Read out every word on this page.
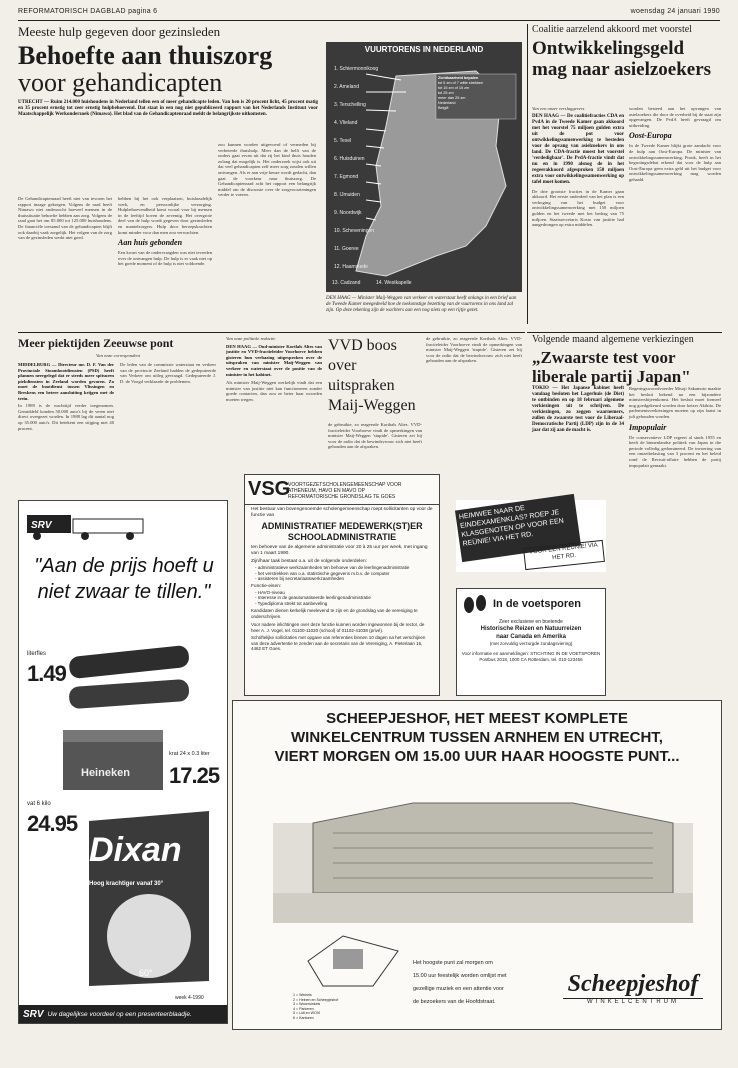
REFORMATORISCH DAGBLAD pagina 6	woensdag 24 januari 1990
Meeste hulp gegeven door gezinsleden
Behoefte aan thuiszorg
voor gehandicapten
UTRECHT — Ruim 214.000 huishoudens in Nederland tellen een of meer gehandicapte leden. Van hen is 20 procent licht, 45 procent matig en 35 procent ernstig tot zeer ernstig hulpbehoevend. Dat staat in een nog niet gepubliceerd rapport van het Nederlands Instituut voor Maatschappelijk Werkonderzoek (Nimawo). Het blad van de Gehandicaptenraad meldt de belangrijkste uitkomsten.
De Gehandicaptenraad heeft niet van tevoren het rapport inzage gekregen. Volgens de raad heeft Nimawo niet onderzocht hoeveel mensen in de thuissituatie behoefte hebben aan zorg. Volgens de raad gaat het om 85.000 tot 125.000 huishoudens. De financiële toestand van de gehandicapten blijft ook daarbij vaak zorgelijk. Het volgen van de zorg van de gezinsleden werkt niet goed.
hebben bij het ook verplaatsen, huishoudelijk werk, en persoonlijke verzorging. Hulpbehoevendheid komt vooral voor bij mensen in de leeftijd boven de zeventig. Het overgrote deel van de hulp wordt gegeven door gezinsleden en mantelzorgers. Hulp door beroepskrachten komt minder voor dan men zou verwachten.
Aan huis gebonden
Een kwart van de ondervraagden was niet tevreden over de ontvangen hulp. De hulp is er vaak niet op het goede moment of de hulp is niet voldoende.
zou kunnen worden uitgevoerd of vermeden bij verbeterde thuishulp. Meer dan de helft van de ouders gaat ervan uit dat zij het kind thuis houden zolang dat mogelijk is. Het onderzoek wijst ook uit dat veel gehandicapten zelf meer zorg zouden willen ontvangen. Als er aan vrije keuze wordt gedacht, dan gaat de voorkeur naar thuiszorg. De Gehandicaptenraad acht het rapport een belangrijk middel om de discussie over de zorgvoorzieningen verder te voeren.
VUURTORENS IN NEDERLAND
1. Schiermonnikoog
2. Ameland
3. Terschelling
4. Vlieland
5. Texel
6. Huisduinen
7. Egmond
8. IJmuiden
9. Noordwijk
10. Scheveningen
11. Goeree
12. Haamstede
13. Cadzand	14. Westkapelle
Zichtbaarheid bepalen
tot 5 zm of 7 witte strekken
tot 15 zm of 15 zm
tot 25 zm
meer dan 25 zm
Nederland
België
DEN HAAG — Minister Maij-Weggen van verkeer en waterstaat heeft onlangs in een brief aan de Tweede Kamer meegedeeld hoe de toekomstige bezetting van de vuurtorens in ons land zal zijn. Op deze tekening zijn de wachters aan een nog niets op een rijtje gezet.
Coalitie aarzelend akkoord met voorstel
Ontwikkelingsgeld mag naar asielzoekers
Van een onzer verslaggevers
DEN HAAG — De coalitiefracties CDA en PvdA in de Tweede Kamer gaan akkoord met het voorstel 75 miljoen gulden extra uit de pot voor ontwikkelingssamenwerking te besteden voor de opvang van asielzoekers in ons land. De CDA-fractie moest het voorstel 'verdedigbaar'. De PvdA-fractie vindt dat nu en in 1990 alsnog de in het regeerakkoord afgesproken 150 miljoen extra voor ontwikkelingssamenwerking op tafel moet komen.
De drie grootste fracties in de Kamer gaan akkoord. Het eerste onderdeel van het plan is een verhoging van het budget voor ontwikkelingssamenwerking met 150 miljoen gulden en het tweede met het bedrag van 75 miljoen. Staatssecretaris Kosto van justitie had aangedrongen op extra middelen.
worden besteed aan het opvangen van asielzoekers die door de overheid bij de staat zijn opgevangen. De PvdA heeft gevraagd om uitbreiding.
Oost-Europa
In de Tweede Kamer blijkt grote aandacht voor de hulp aan Oost-Europa. De minister van ontwikkelingssamenwerking, Pronk, heeft in het begrotingsdebat erkend dat voor de hulp aan Oost-Europa geen extra geld uit het budget voor ontwikkelingssamenwerking mag worden gehaald.
Meer piektijden Zeeuwse pont
Van onze correspondent
MIDDELBURG — Directeur mr. D. F. Van der Provinciale Stoombootdiensten (PSD) heeft plannen neergelegd dat er steeds meer spitsuren piekdiensten in Zeeland worden gevaren. Zo moet de bootdienst tussen Vlissingen en Breskens een betere aansluiting krijgen met de trein.
In 1989 is de wachttijd verder toegenomen. Gemiddeld konden 50.000 auto's bij de veren niet direct overgezet worden. In 1988 lag dit aantal nog op 35.000 auto's. Dit betekent een stijging met 40 procent.
De leden van de commissie waterstaat en verkeer van de provincie Zeeland hadden de gedeputeerde van Verkeer om uitleg gevraagd. Gedeputeerde J. D. de Voogd verklaarde de problemen.
Van onze politieke redactie
DEN HAAG — Oud-minister Kortlals Altes van justitie en VVD-fractieleider Voorhoeve hebben gisteren hun verbazing uitgesproken over de uitspraken van minister Maij-Weggen van verkeer en waterstaat over de positie van de minister in het kabinet.
Als minister Maij-Weggen werkelijk vindt dat een minister van justitie niet kan functioneren zonder goede contacten, dan zou ze beter haar woorden moeten wegen.
VVD boos over uitspraken Maij-Weggen
de gebruikte, zo reageerde Korthals Altes. VVD-fractieleider Voorhoeve vindt de opmerkingen van minister Maij-Weggen 'stupide'. Gisteren zei hij voor de radio dat de bewindsvrouw zich niet heeft gehouden aan de afspraken.
de gebruikte, zo reageerde Korthals Altes. VVD-fractieleider Voorhoeve vindt de opmerkingen van minister Maij-Weggen 'stupide'. Gisteren zei hij voor de radio dat de bewindsvrouw zich niet heeft gehouden aan de afspraken.
Volgende maand algemene verkiezingen
„Zwaarste test voor liberale partij Japan"
TOKIO — Het Japanse kabinet heeft vandaag besloten het Lagerhuis (de Diet) te ontbinden en op 18 februari algemene verkiezingen uit te schrijven. De verkiezingen, zo zeggen waarnemers, zullen de zwaarste test voor de Liberaal-Democratische Partij (LDP) zijn in de 34 jaar dat zij aan de macht is.
Regeringswoordvoerder Misoji Sakamoto maakte het besluit bekend na een bijzondere ministersbijeenkomst. Het besluit moet formeel nog goedgekeurd worden door keizer Akihito. De parlementsverkiezingen moeten op zijn laatst in juli gehouden worden.
Impopulair
De conservatieve LDP regeert al sinds 1955 en heeft de binnenlandse politiek van Japan in die periode volledig gedomineerd. De invoering van een omzetbelasting van 3 procent en het beleid rond de Recruit-affaire hebben de partij impopulair gemaakt.
HEIMWEE NAAR DE EINDEXAMENKLAS? ROEP JE KLASGENOTEN OP VOOR EEN REÜNIE! VIA HET RD.
VOOR EEN REÜNIE! VIA HET RD.
In de voetsporen
Zeer exclusieve en boeiende
Historische Reizen en Natuurreizen
naar Canada en Amerika
(met zorvuldig verzorgde zondagsviering)
Voor informatie en aanmeldingen: STICHTING IN DE VOETSPOREN
Postbus 2018, 1000 CA Rotterdam, tel. 010-123456
VSG
VOORTGEZETSCHOLENGEMEENSCHAP VOOR
ATHENEUM, HAVO EN MAVO OP
REFORMATORISCHE GRONDSLAG TE GOES
Het bestuur van bovengenoemde scholengemeenschap roept sollicitanten op voor de functie van
ADMINISTRATIEF MEDEWERK(ST)ER
SCHOOLADMINISTRATIE
ten behoeve van de algemene administratie voor 20 à 25 uur per week, met ingang van 1 maart 1990.
Zijn/haar taak bestaat o.a. uit de volgende onderdelen:
- administratieve werkzaamheden ten behoeve van de leerlingenadministratie
- het verstrekken van o.a. statistische gegevens m.b.v. de computer
- assisteren bij secretariaatswerkzaamheden
Functie-eisen:
- HAVO-niveau
- Interesse in de geautomatiseerde leerlingenadministratie
- Typediploma strekt tot aanbeveling
Kandidaten dienen kerkelijk meelevend te zijn en de grondslag van de vereniging te onderschrijven.
Voor nadere inlichtingen over deze functie kunnen worden ingewonnen bij de rector, de heer A. J. Vogel, tel. 01100-11020 (school) of 01102-41038 (privé).
Schriftelijke sollicitaties met opgave van referenties binnen 10 dagen na het verschijnen van deze advertentie te zenden aan de secretaris van de Vereniging, A. Pieterlaan 16, 4462 ET Goes.
SRV
"Aan de prijs hoeft u niet zwaar te tillen."
literfles
1.49
Heineken
krat 24 x 0.3 liter
17.25
vat 6 kilo
24.95
60°
Dixan
Hoog krachtiger vanaf 30°
week 4-1990
SRV Uw dagelijkse voordeel op een presenteerblaadje.
SCHEEPJESHOF, HET MEEST KOMPLETE WINKELCENTRUM TUSSEN ARNHEM EN UTRECHT, VIERT MORGEN OM 15.00 UUR HAAR HOOGSTE PUNT...
1 = Winkels
2 = Heinen en Scheepjeshof
3 = Woonwinkels
4 = Parkeren
5 = Lidl en WOVI
6 = Kantoren
Het hoogste punt zal morgen om
15.00 uur feestelijk worden omlijst met
gezellige muziek en een attentie voor
de bezoekers van de Hoofdstraat.
Scheepjeshof
WINKELCENTRUM
